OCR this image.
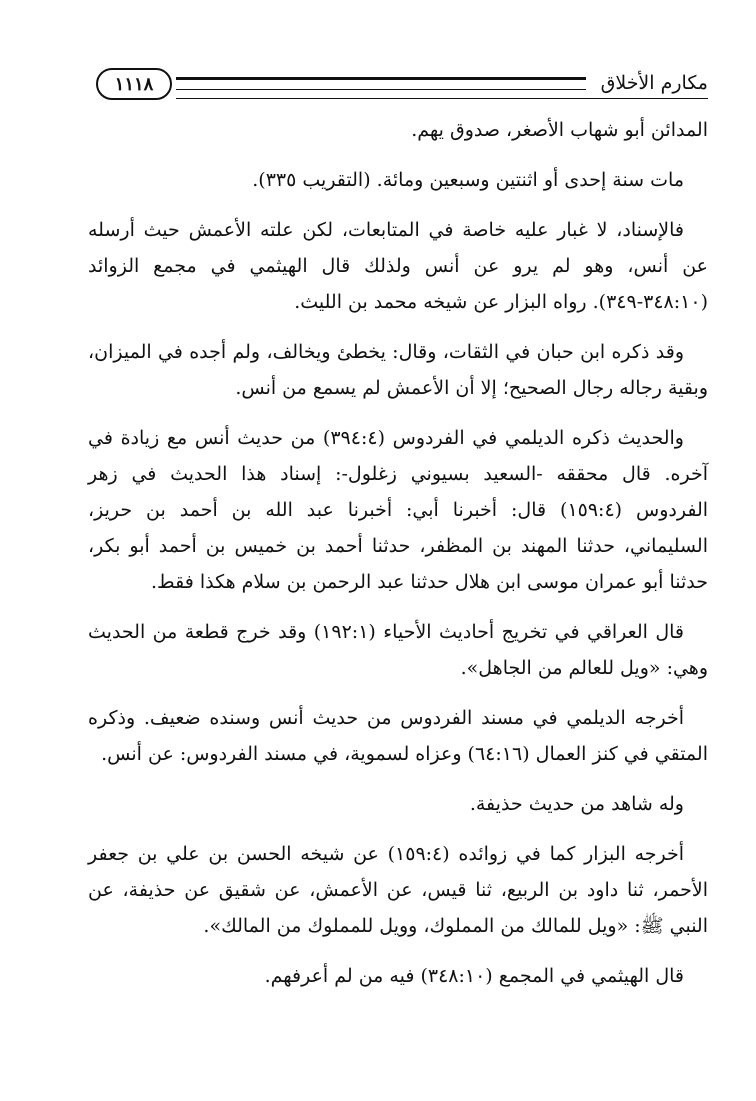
مكارم الأخلاق
١١١٨

المدائن أبو شهاب الأصغر، صدوق يهم.

مات سنة إحدى أو اثنتين وسبعين ومائة. (التقريب ٣٣٥).

فالإسناد، لا غبار عليه خاصة في المتابعات، لكن علته الأعمش حيث أرسله عن أنس، وهو لم يرو عن أنس ولذلك قال الهيثمي في مجمع الزوائد (٣٤٨:١٠-٣٤٩). رواه البزار عن شيخه محمد بن الليث.

وقد ذكره ابن حبان في الثقات، وقال: يخطئ ويخالف، ولم أجده في الميزان، وبقية رجاله رجال الصحيح؛ إلا أن الأعمش لم يسمع من أنس.

والحديث ذكره الديلمي في الفردوس (٣٩٤:٤) من حديث أنس مع زيادة في آخره. قال محققه -السعيد بسيوني زغلول-: إسناد هذا الحديث في زهر الفردوس (١٥٩:٤) قال: أخبرنا أبي: أخبرنا عبد الله بن أحمد بن حريز، السليماني، حدثنا المهند بن المظفر، حدثنا أحمد بن خميس بن أحمد أبو بكر، حدثنا أبو عمران موسى ابن هلال حدثنا عبد الرحمن بن سلام هكذا فقط.

قال العراقي في تخريج أحاديث الأحياء (١٩٢:١) وقد خرج قطعة من الحديث وهي: «ويل للعالم من الجاهل».

أخرجه الديلمي في مسند الفردوس من حديث أنس وسنده ضعيف. وذكره المتقي في كنز العمال (٦٤:١٦) وعزاه لسموية، في مسند الفردوس: عن أنس.

وله شاهد من حديث حذيفة.

أخرجه البزار كما في زوائده (١٥٩:٤) عن شيخه الحسن بن علي بن جعفر الأحمر، ثنا داود بن الربيع، ثنا قيس، عن الأعمش، عن شقيق عن حذيفة، عن النبي ﷺ: «ويل للمالك من المملوك، وويل للمملوك من المالك».

قال الهيثمي في المجمع (٣٤٨:١٠) فيه من لم أعرفهم.
